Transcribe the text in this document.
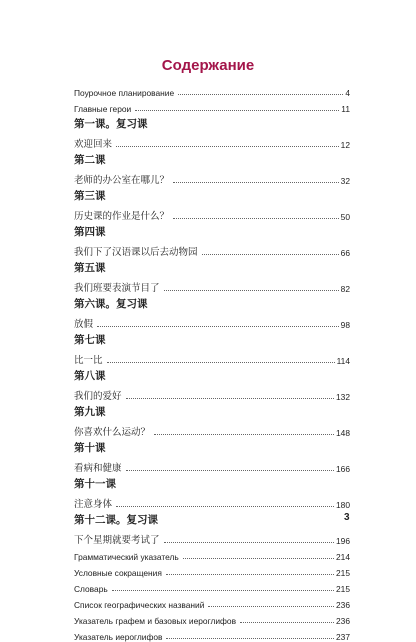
Содержание
Поурочное планирование	4
Главные герои	11
第一课。复习课
欢迎回来	12
第二课
老师的办公室在哪儿？	32
第三课
历史课的作业是什么？	50
第四课
我们下了汉语课以后去动物园	66
第五课
我们班要表演节目了	82
第六课。复习课
放假	98
第七课
比一比	114
第八课
我们的爱好	132
第九课
你喜欢什么运动？	148
第十课
看病和健康	166
第十一课
注意身体	180
第十二课。复习课
下个星期就要考试了	196
Грамматический указатель	214
Условные сокращения	215
Словарь	215
Список географических названий	236
Указатель графем и базовых иероглифов	236
Указатель иероглифов	237
3
